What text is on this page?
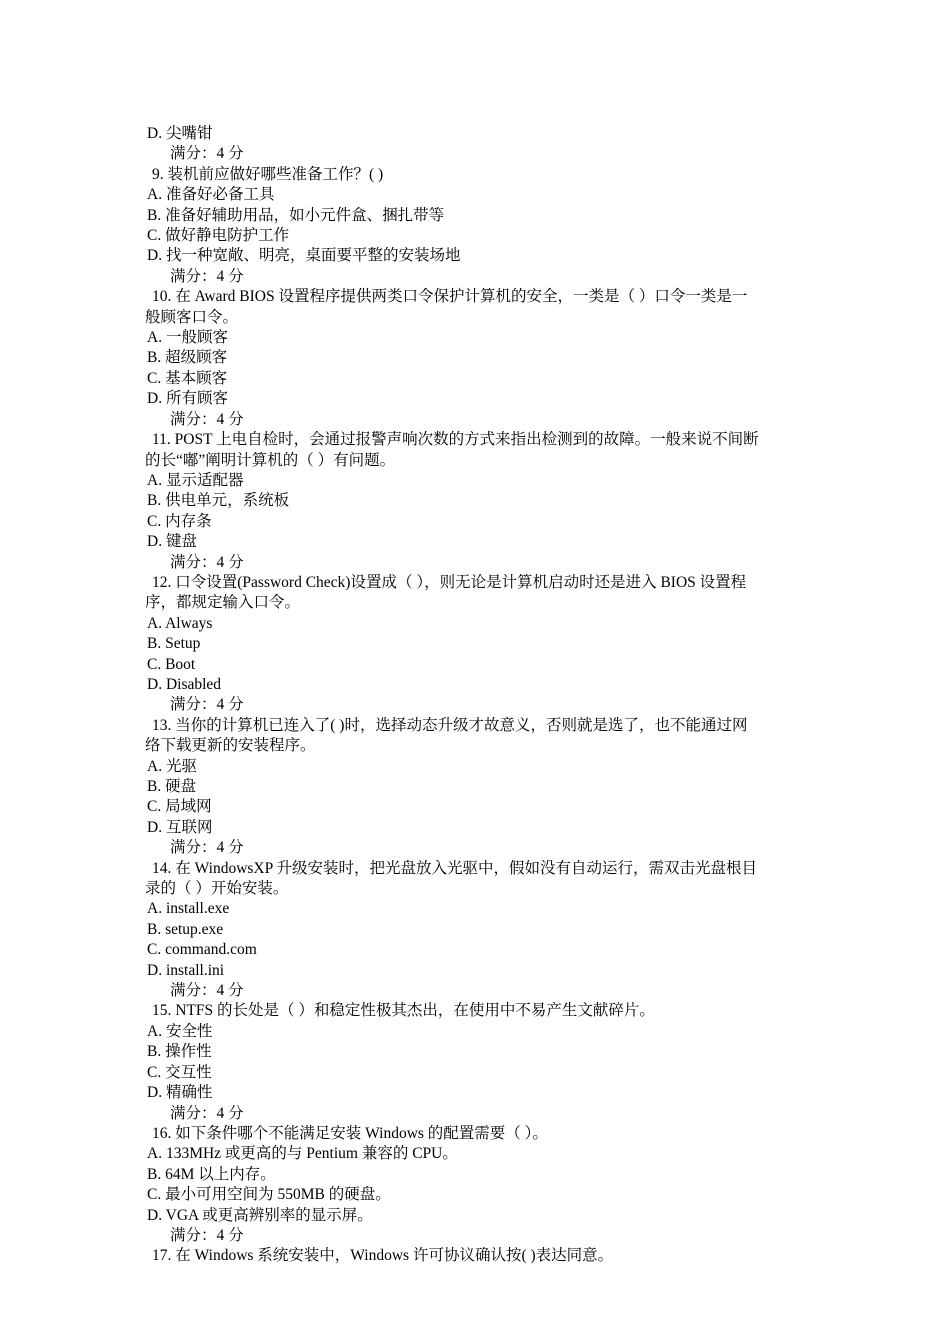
D. 尖嘴钳
满分：4 分
9. 装机前应做好哪些准备工作？( )
A. 准备好必备工具
B. 准备好辅助用品，如小元件盒、捆扎带等
C. 做好静电防护工作
D. 找一种宽敞、明亮，桌面要平整的安装场地
满分：4 分
10. 在 Award BIOS 设置程序提供两类口令保护计算机的安全，一类是（ ）口令一类是一
般顾客口令。
A. 一般顾客
B. 超级顾客
C. 基本顾客
D. 所有顾客
满分：4 分
11. POST 上电自检时，会通过报警声响次数的方式来指出检测到的故障。一般来说不间断
的长“嘟”阐明计算机的（ ）有问题。
A. 显示适配器
B. 供电单元，系统板
C. 内存条
D. 键盘
满分：4 分
12. 口令设置(Password Check)设置成（ ），则无论是计算机启动时还是进入 BIOS 设置程
序，都规定输入口令。
A. Always
B. Setup
C. Boot
D. Disabled
满分：4 分
13. 当你的计算机已连入了( )时，选择动态升级才故意义，否则就是选了，也不能通过网
络下载更新的安装程序。
A. 光驱
B. 硬盘
C. 局域网
D. 互联网
满分：4 分
14. 在 WindowsXP 升级安装时，把光盘放入光驱中，假如没有自动运行，需双击光盘根目
录的（ ）开始安装。
A. install.exe
B. setup.exe
C. command.com
D. install.ini
满分：4 分
15. NTFS 的长处是（ ）和稳定性极其杰出，在使用中不易产生文献碎片。
A. 安全性
B. 操作性
C. 交互性
D. 精确性
满分：4 分
16. 如下条件哪个不能满足安装 Windows 的配置需要（ ）。
A. 133MHz 或更高的与 Pentium 兼容的 CPU。
B. 64M 以上内存。
C. 最小可用空间为 550MB 的硬盘。
D. VGA 或更高辨别率的显示屏。
满分：4 分
17. 在 Windows 系统安装中，Windows 许可协议确认按( )表达同意。
